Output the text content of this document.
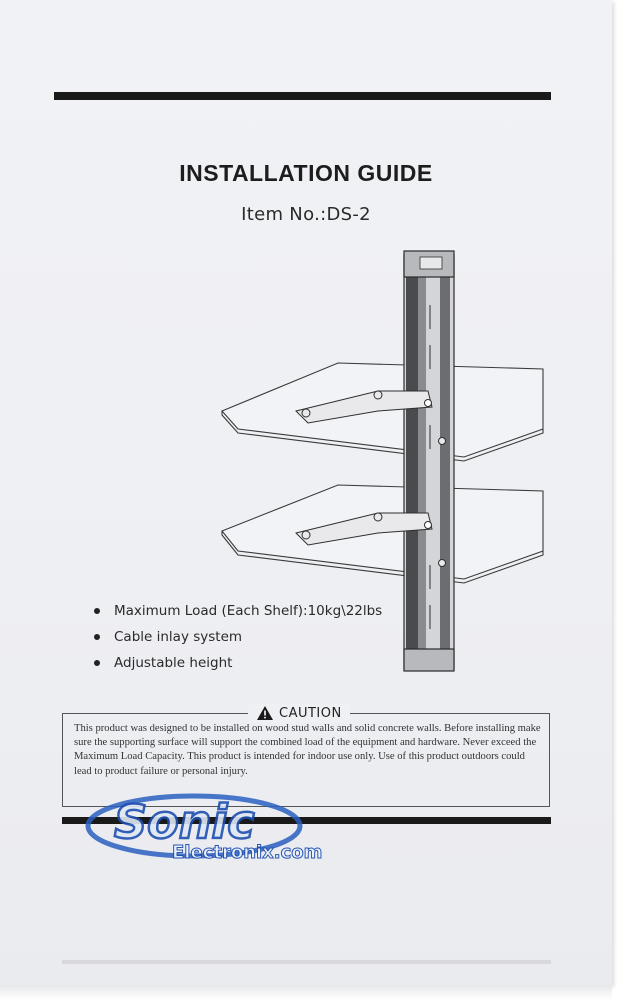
INSTALLATION GUIDE
Item No.:DS-2
Maximum Load (Each Shelf):10kg\22lbs
Cable inlay system
Adjustable height
CAUTION
This product was designed to be installed on wood stud walls and solid concrete walls. Before installing make sure the supporting surface will support the combined load of the equipment and hardware. Never exceed the Maximum Load Capacity. This product is intended for indoor use only. Use of this product outdoors could lead to product failure or personal injury.
Sonic
Electronix.com
